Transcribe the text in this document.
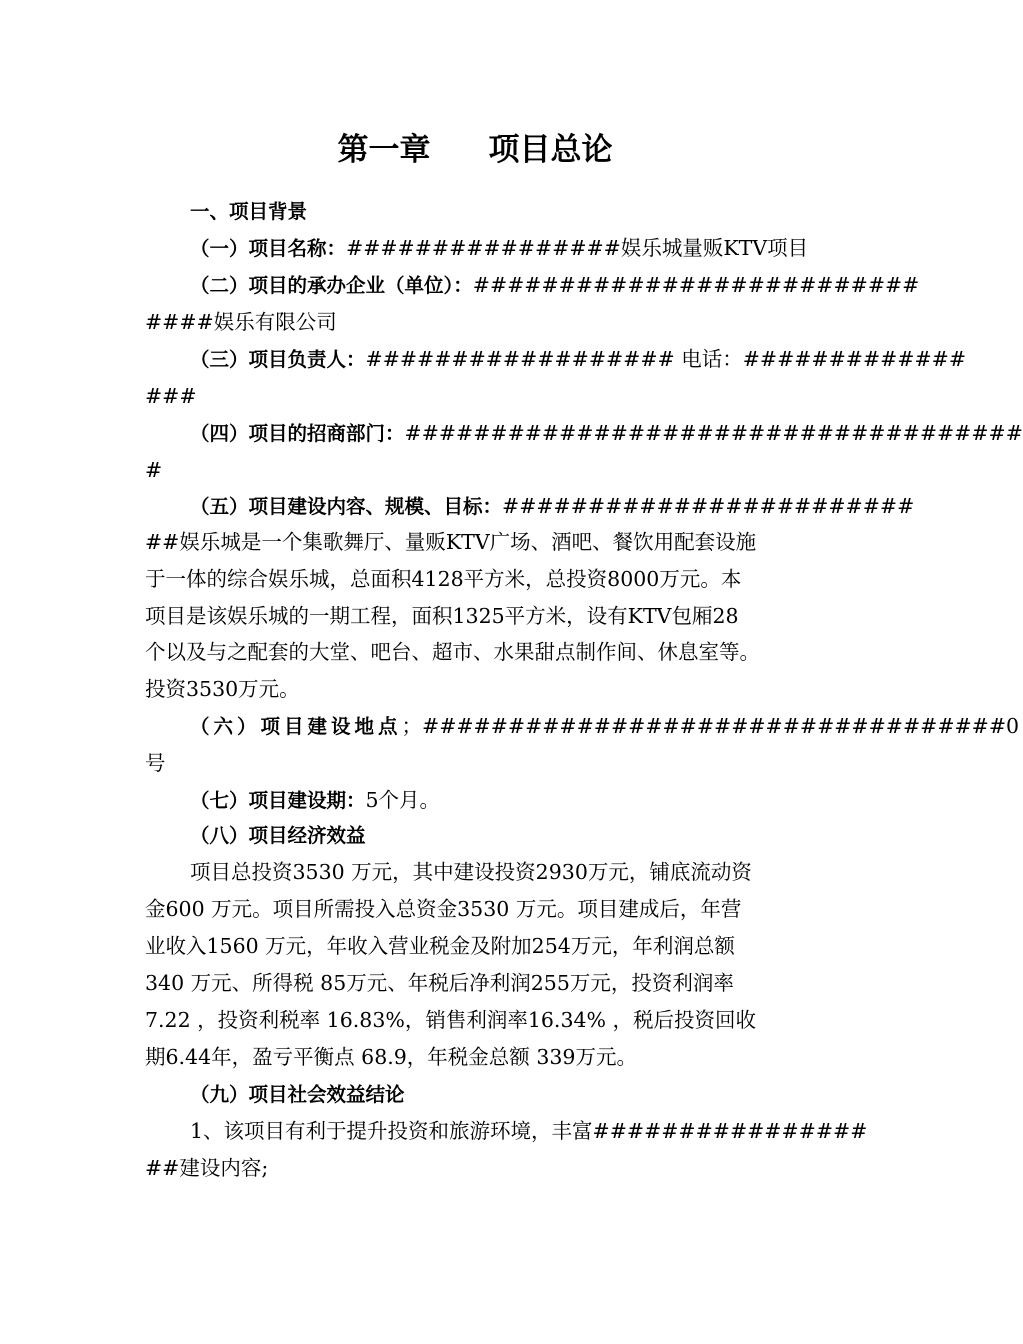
第一章 项目总论
一、项目背景
（一）项目名称：################娱乐城量贩KTV项目
（二）项目的承办企业（单位）：##########################
####娱乐有限公司
（三）项目负责人：################## 电话：#############
###
（四）项目的招商部门：####################################
#
（五）项目建设内容、规模、目标：########################
##娱乐城是一个集歌舞厅、量贩KTV广场、酒吧、餐饮用配套设施
于一体的综合娱乐城，总面积4128平方米，总投资8000万元。本
项目是该娱乐城的一期工程，面积1325平方米，设有KTV包厢28
个以及与之配套的大堂、吧台、超市、水果甜点制作间、休息室等。
投资3530万元。
（六）项目建设地点；##################################0
号
（七）项目建设期：5个月。
（八）项目经济效益
项目总投资3530 万元，其中建设投资2930万元，铺底流动资
金600 万元。项目所需投入总资金3530 万元。项目建成后，年营
业收入1560 万元，年收入营业税金及附加254万元，年利润总额
340 万元、所得税 85万元、年税后净利润255万元，投资利润率
7.22 ，投资利税率 16.83%，销售利润率16.34% ，税后投资回收
期6.44年，盈亏平衡点 68.9，年税金总额 339万元。
（九）项目社会效益结论
1、该项目有利于提升投资和旅游环境，丰富################
##建设内容;
